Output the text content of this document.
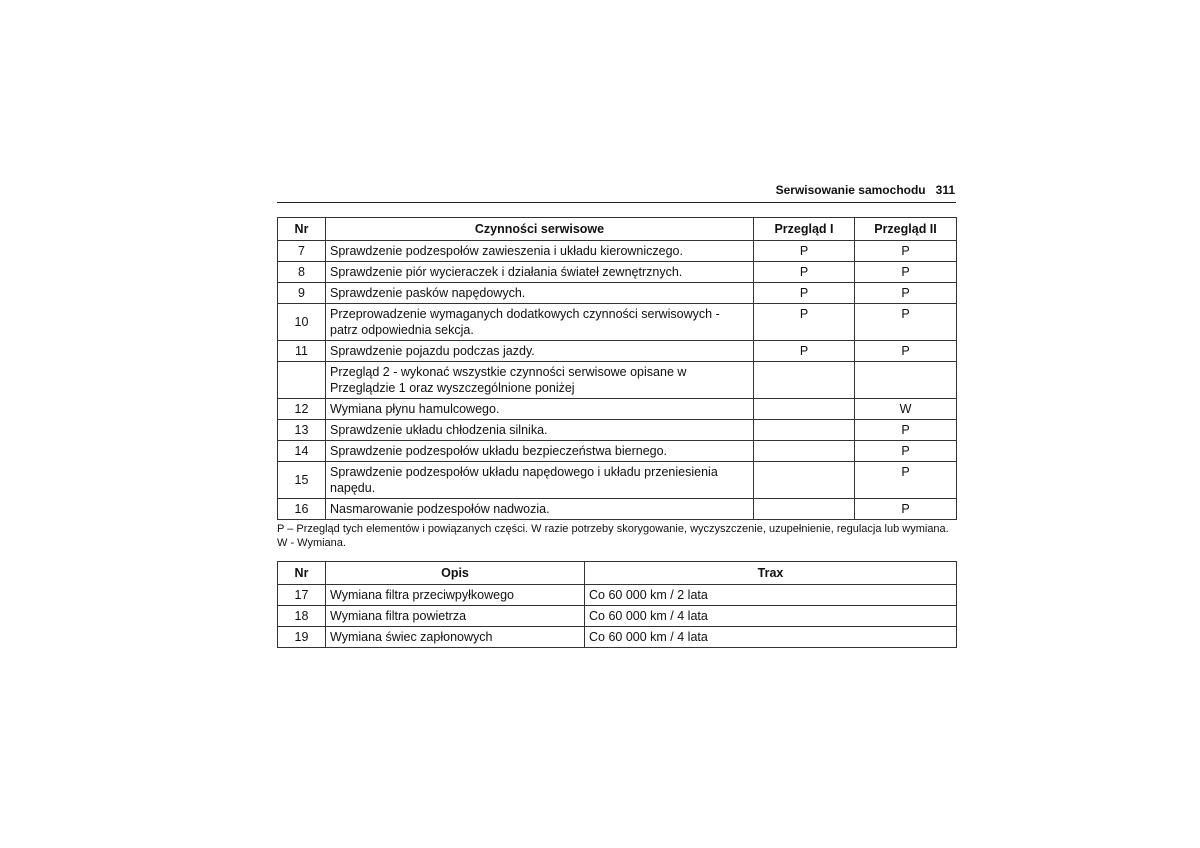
Serwisowanie samochodu 311
Nr	Czynności serwisowe	Przegląd I	Przegląd II
7	Sprawdzenie podzespołów zawieszenia i układu kierowniczego.	P	P
8	Sprawdzenie piór wycieraczek i działania świateł zewnętrznych.	P	P
9	Sprawdzenie pasków napędowych.	P	P
10	Przeprowadzenie wymaganych dodatkowych czynności serwisowych - patrz odpowiednia sekcja.	P	P
11	Sprawdzenie pojazdu podczas jazdy.	P	P
	Przegląd 2 - wykonać wszystkie czynności serwisowe opisane w Przeglądzie 1 oraz wyszczególnione poniżej		
12	Wymiana płynu hamulcowego.		W
13	Sprawdzenie układu chłodzenia silnika.		P
14	Sprawdzenie podzespołów układu bezpieczeństwa biernego.		P
15	Sprawdzenie podzespołów układu napędowego i układu przeniesienia napędu.		P
16	Nasmarowanie podzespołów nadwozia.		P
P – Przegląd tych elementów i powiązanych części. W razie potrzeby skorygowanie, wyczyszczenie, uzupełnienie, regulacja lub wymiana.
W - Wymiana.
Nr	Opis	Trax
17	Wymiana filtra przeciwpyłkowego	Co 60 000 km / 2 lata
18	Wymiana filtra powietrza	Co 60 000 km / 4 lata
19	Wymiana świec zapłonowych	Co 60 000 km / 4 lata
